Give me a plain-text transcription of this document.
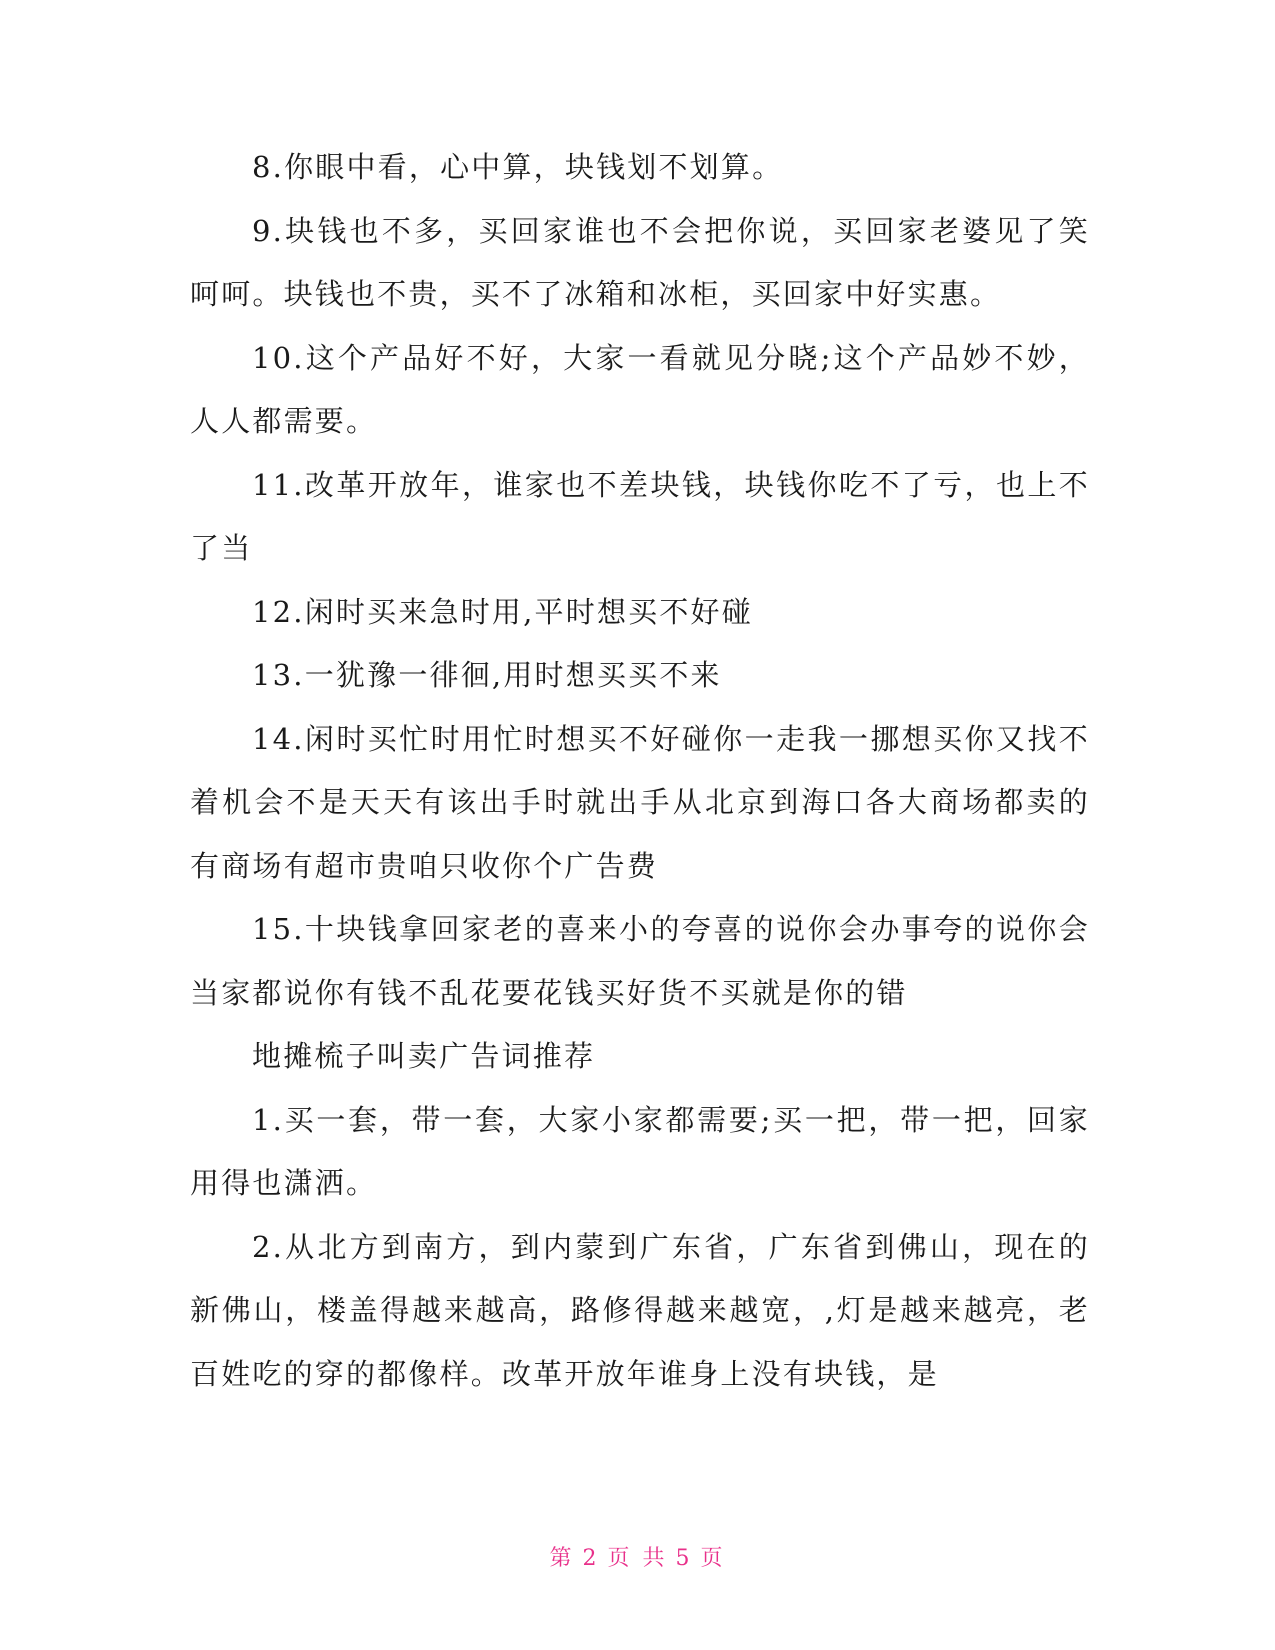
8.你眼中看，心中算，块钱划不划算。

9.块钱也不多，买回家谁也不会把你说，买回家老婆见了笑呵呵。块钱也不贵，买不了冰箱和冰柜，买回家中好实惠。

10.这个产品好不好，大家一看就见分晓;这个产品妙不妙，人人都需要。

11.改革开放年，谁家也不差块钱，块钱你吃不了亏，也上不了当

12.闲时买来急时用,平时想买不好碰

13.一犹豫一徘徊,用时想买买不来

14.闲时买忙时用忙时想买不好碰你一走我一挪想买你又找不着机会不是天天有该出手时就出手从北京到海口各大商场都卖的有商场有超市贵咱只收你个广告费

15.十块钱拿回家老的喜来小的夸喜的说你会办事夸的说你会当家都说你有钱不乱花要花钱买好货不买就是你的错

地摊梳子叫卖广告词推荐

1.买一套，带一套，大家小家都需要;买一把，带一把，回家用得也潇洒。

2.从北方到南方，到内蒙到广东省，广东省到佛山，现在的新佛山，楼盖得越来越高，路修得越来越宽，,灯是越来越亮，老百姓吃的穿的都像样。改革开放年谁身上没有块钱，是

第 2 页 共 5 页
